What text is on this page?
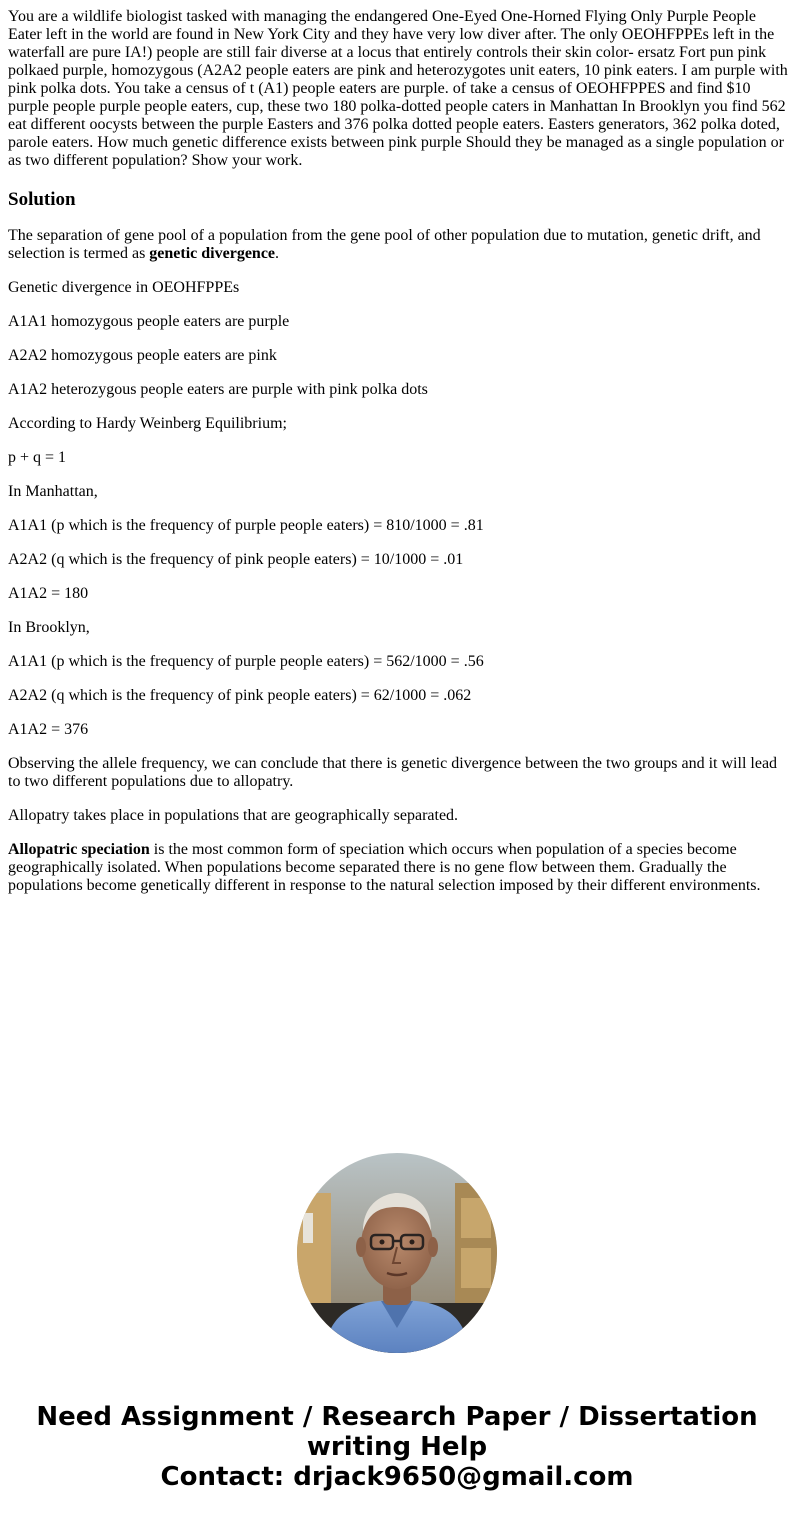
You are a wildlife biologist tasked with managing the endangered One-Eyed One-Horned Flying Only Purple People Eater left in the world are found in New York City and they have very low diver after. The only OEOHFPPEs left in the waterfall are pure IA!) people are still fair diverse at a locus that entirely controls their skin color- ersatz Fort pun pink polkaed purple, homozygous (A2A2 people eaters are pink and heterozygotes unit eaters, 10 pink eaters. I am purple with pink polka dots. You take a census of t (A1) people eaters are purple. of take a census of OEOHFPPES and find $10 purple people purple people eaters, cup, these two 180 polka-dotted people caters in Manhattan In Brooklyn you find 562 eat different oocysts between the purple Easters and 376 polka dotted people eaters. Easters generators, 362 polka doted, parole eaters. How much genetic difference exists between pink purple Should they be managed as a single population or as two different population? Show your work.

Solution

The separation of gene pool of a population from the gene pool of other population due to mutation, genetic drift, and selection is termed as genetic divergence.

Genetic divergence in OEOHFPPEs

A1A1 homozygous people eaters are purple

A2A2 homozygous people eaters are pink

A1A2 heterozygous people eaters are purple with pink polka dots

According to Hardy Weinberg Equilibrium;

p + q = 1

In Manhattan,

A1A1 (p which is the frequency of purple people eaters) = 810/1000 = .81

A2A2 (q which is the frequency of pink people eaters) = 10/1000 = .01

A1A2 = 180

In Brooklyn,

A1A1 (p which is the frequency of purple people eaters) = 562/1000 = .56

A2A2 (q which is the frequency of pink people eaters) = 62/1000 = .062

A1A2 = 376

Observing the allele frequency, we can conclude that there is genetic divergence between the two groups and it will lead to two different populations due to allopatry.

Allopatry takes place in populations that are geographically separated.

Allopatric speciation is the most common form of speciation which occurs when population of a species become geographically isolated. When populations become separated there is no gene flow between them. Gradually the populations become genetically different in response to the natural selection imposed by their different environments.

Need Assignment / Research Paper / Dissertation
writing Help
Contact: drjack9650@gmail.com
